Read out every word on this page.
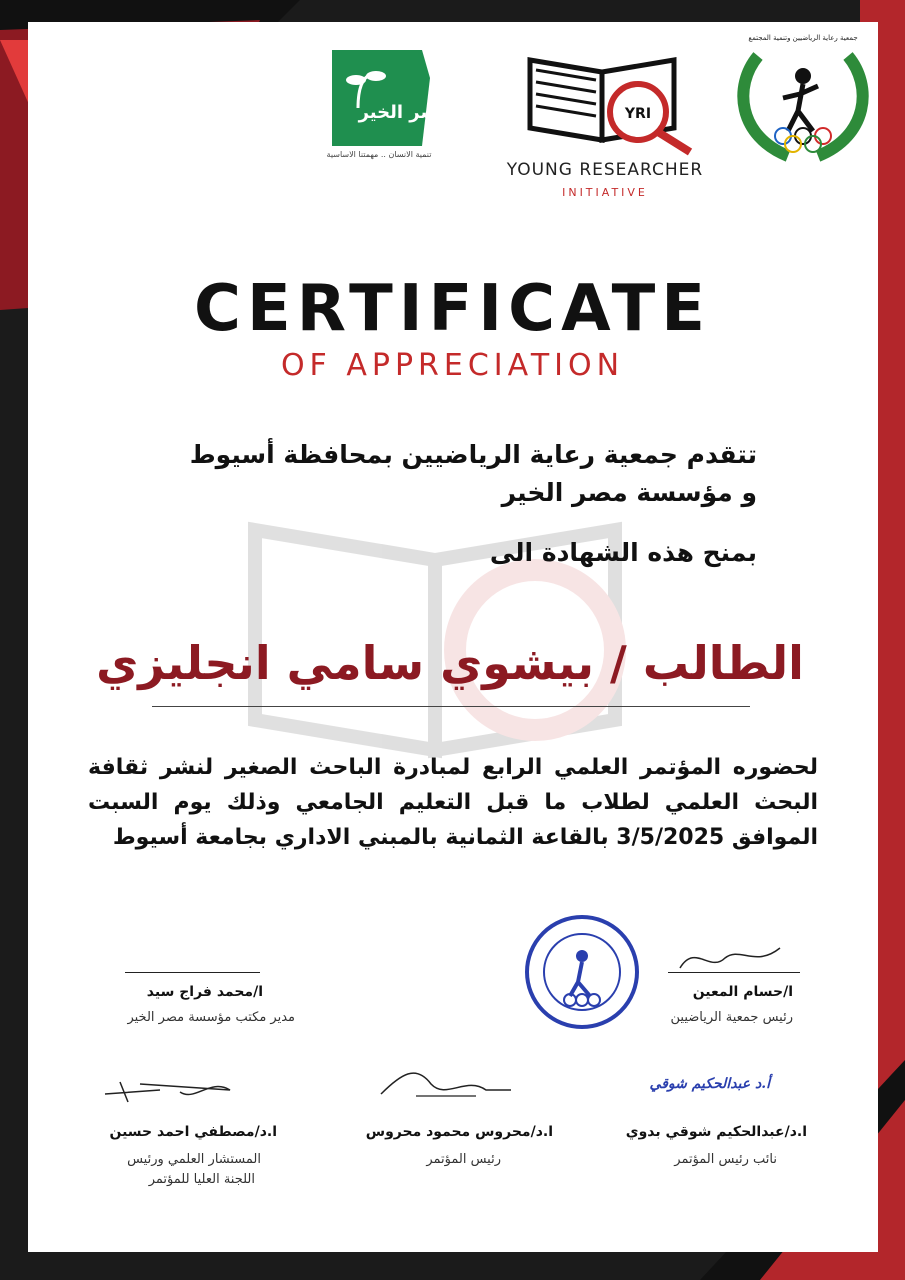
مصر الخير
تنمية الانسان .. مهمتنا الاساسية
YRI
YOUNG RESEARCHER
INITIATIVE
جمعية رعاية الرياضيين وتنمية المجتمع
CERTIFICATE
OF APPRECIATION
تتقدم جمعية رعاية الرياضيين بمحافظة أسيوط
و مؤسسة مصر الخير
بمنح هذه الشهادة الى
الطالب / بيشوي سامي انجليزي
لحضوره المؤتمر العلمي الرابع لمبادرة الباحث الصغير لنشر ثقافة البحث العلمي لطلاب ما قبل التعليم الجامعي وذلك يوم السبت الموافق 3/5/2025 بالقاعة الثمانية بالمبني الاداري بجامعة أسيوط
ا/حسام المعين
رئيس جمعية الرياضيين
ا/محمد فراج سيد
مدير مكتب مؤسسة مصر الخير
أ.د عبدالحكيم شوقي
ا.د/عبدالحكيم شوقي بدوي
نائب رئيس المؤتمر
ا.د/محروس محمود محروس
رئيس المؤتمر
ا.د/مصطفي احمد حسين
المستشار العلمي ورئيس
اللجنة العليا للمؤتمر
